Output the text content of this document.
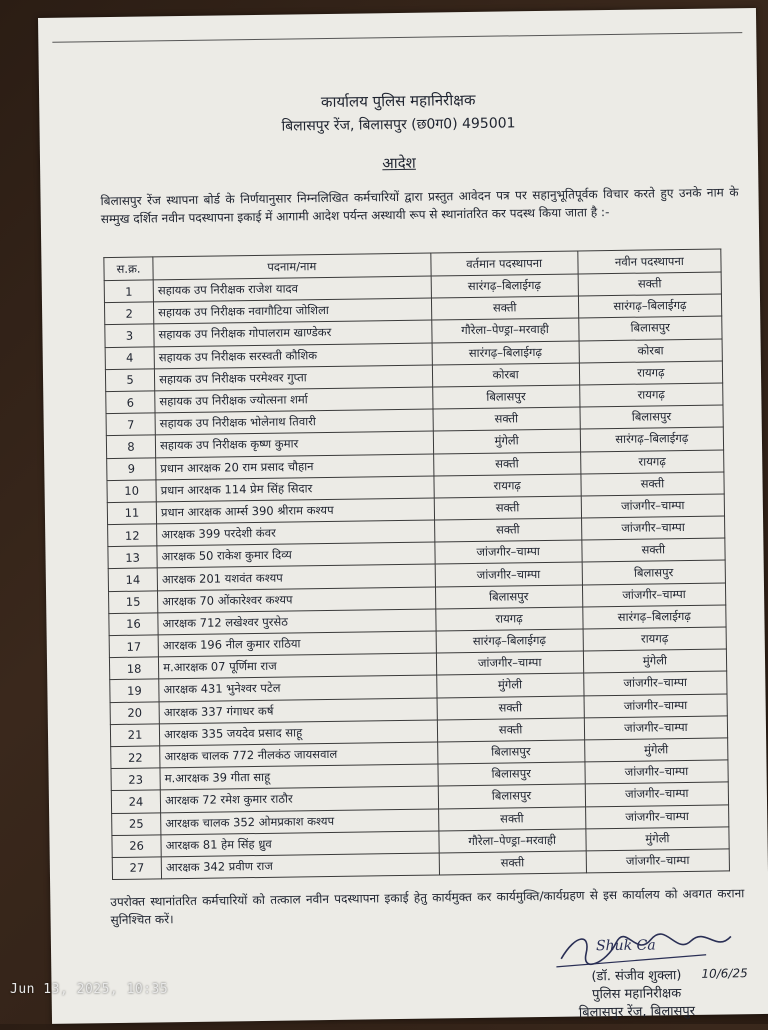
कार्यालय पुलिस महानिरीक्षक
बिलासपुर रेंज, बिलासपुर (छ0ग0) 495001
आदेश
बिलासपुर रेंज स्थापना बोर्ड के निर्णयानुसार निम्नलिखित कर्मचारियों द्वारा प्रस्तुत आवेदन पत्र पर सहानुभूतिपूर्वक विचार करते हुए उनके नाम के सम्मुख दर्शित नवीन पदस्थापना इकाई में आगामी आदेश पर्यन्त अस्थायी रूप से स्थानांतरित कर पदस्थ किया जाता है :-
स.क्र.	पदनाम/नाम	वर्तमान पदस्थापना	नवीन पदस्थापना
1	सहायक उप निरीक्षक राजेश यादव	सारंगढ़–बिलाईगढ़	सक्ती
2	सहायक उप निरीक्षक नवागौटिया जोशिला	सक्ती	सारंगढ़–बिलाईगढ़
3	सहायक उप निरीक्षक गोपालराम खाण्डेकर	गौरेला–पेण्ड्रा–मरवाही	बिलासपुर
4	सहायक उप निरीक्षक सरस्वती कौशिक	सारंगढ़–बिलाईगढ़	कोरबा
5	सहायक उप निरीक्षक परमेश्वर गुप्ता	कोरबा	रायगढ़
6	सहायक उप निरीक्षक ज्योत्सना शर्मा	बिलासपुर	रायगढ़
7	सहायक उप निरीक्षक भोलेनाथ तिवारी	सक्ती	बिलासपुर
8	सहायक उप निरीक्षक कृष्ण कुमार	मुंगेली	सारंगढ़–बिलाईगढ़
9	प्रधान आरक्षक 20 राम प्रसाद चौहान	सक्ती	रायगढ़
10	प्रधान आरक्षक 114 प्रेम सिंह सिदार	रायगढ़	सक्ती
11	प्रधान आरक्षक आर्म्स 390 श्रीराम कश्यप	सक्ती	जांजगीर–चाम्पा
12	आरक्षक 399 परदेशी कंवर	सक्ती	जांजगीर–चाम्पा
13	आरक्षक 50 राकेश कुमार दिव्य	जांजगीर–चाम्पा	सक्ती
14	आरक्षक 201 यशवंत कश्यप	जांजगीर–चाम्पा	बिलासपुर
15	आरक्षक 70 ओंकारेश्वर कश्यप	बिलासपुर	जांजगीर–चाम्पा
16	आरक्षक 712 लखेश्वर पुरसेठ	रायगढ़	सारंगढ़–बिलाईगढ़
17	आरक्षक 196 नील कुमार राठिया	सारंगढ़–बिलाईगढ़	रायगढ़
18	म.आरक्षक 07 पूर्णिमा राज	जांजगीर–चाम्पा	मुंगेली
19	आरक्षक 431 भुनेश्वर पटेल	मुंगेली	जांजगीर–चाम्पा
20	आरक्षक 337 गंगाधर कर्ष	सक्ती	जांजगीर–चाम्पा
21	आरक्षक 335 जयदेव प्रसाद साहू	सक्ती	जांजगीर–चाम्पा
22	आरक्षक चालक 772 नीलकंठ जायसवाल	बिलासपुर	मुंगेली
23	म.आरक्षक 39 गीता साहू	बिलासपुर	जांजगीर–चाम्पा
24	आरक्षक 72 रमेश कुमार राठौर	बिलासपुर	जांजगीर–चाम्पा
25	आरक्षक चालक 352 ओमप्रकाश कश्यप	सक्ती	जांजगीर–चाम्पा
26	आरक्षक 81 हेम सिंह ध्रुव	गौरेला–पेण्ड्रा–मरवाही	मुंगेली
27	आरक्षक 342 प्रवीण राज	सक्ती	जांजगीर–चाम्पा
उपरोक्त स्थानांतरित कर्मचारियों को तत्काल नवीन पदस्थापना इकाई हेतु कार्यमुक्त कर कार्यमुक्ति/कार्यग्रहण से इस कार्यालय को अवगत कराना सुनिश्चित करें।
Shuk Ca
10/6/25
(डॉ. संजीव शुक्ला)
पुलिस महानिरीक्षक
बिलासपुर रेंज, बिलासपुर
Jun 13, 2025, 10:35
